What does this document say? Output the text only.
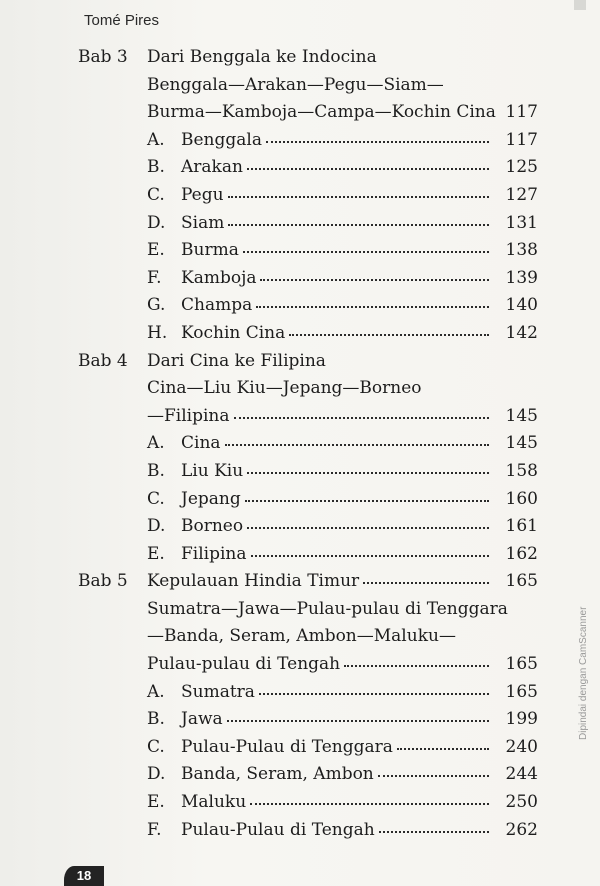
Tomé Pires
Bab 3 Dari Benggala ke Indocina
Benggala—Arakan—Pegu—Siam—
Burma—Kamboja—Campa—Kochin Cina 117
A. Benggala	117
B. Arakan	125
C. Pegu	127
D. Siam	131
E. Burma	138
F.	Kamboja	139
G. Champa	140
H. Kochin Cina	142
Bab 4 Dari Cina ke Filipina
Cina—Liu Kiu—Jepang—Borneo
—Filipina	145
A. Cina	145
B. Liu Kiu	158
C. Jepang	160
D. Borneo	161
E. Filipina	162
Bab 5 Kepulauan Hindia Timur	165
Sumatra—Jawa—Pulau-pulau di Tenggara
—Banda, Seram, Ambon—Maluku—
Pulau-pulau di Tengah	165
A. Sumatra	165
B. Jawa	199
C. Pulau-Pulau di Tenggara	240
D. Banda, Seram, Ambon	244
E. Maluku	250
F.	Pulau-Pulau di Tengah	262
Dipindai dengan CamScanner
18
